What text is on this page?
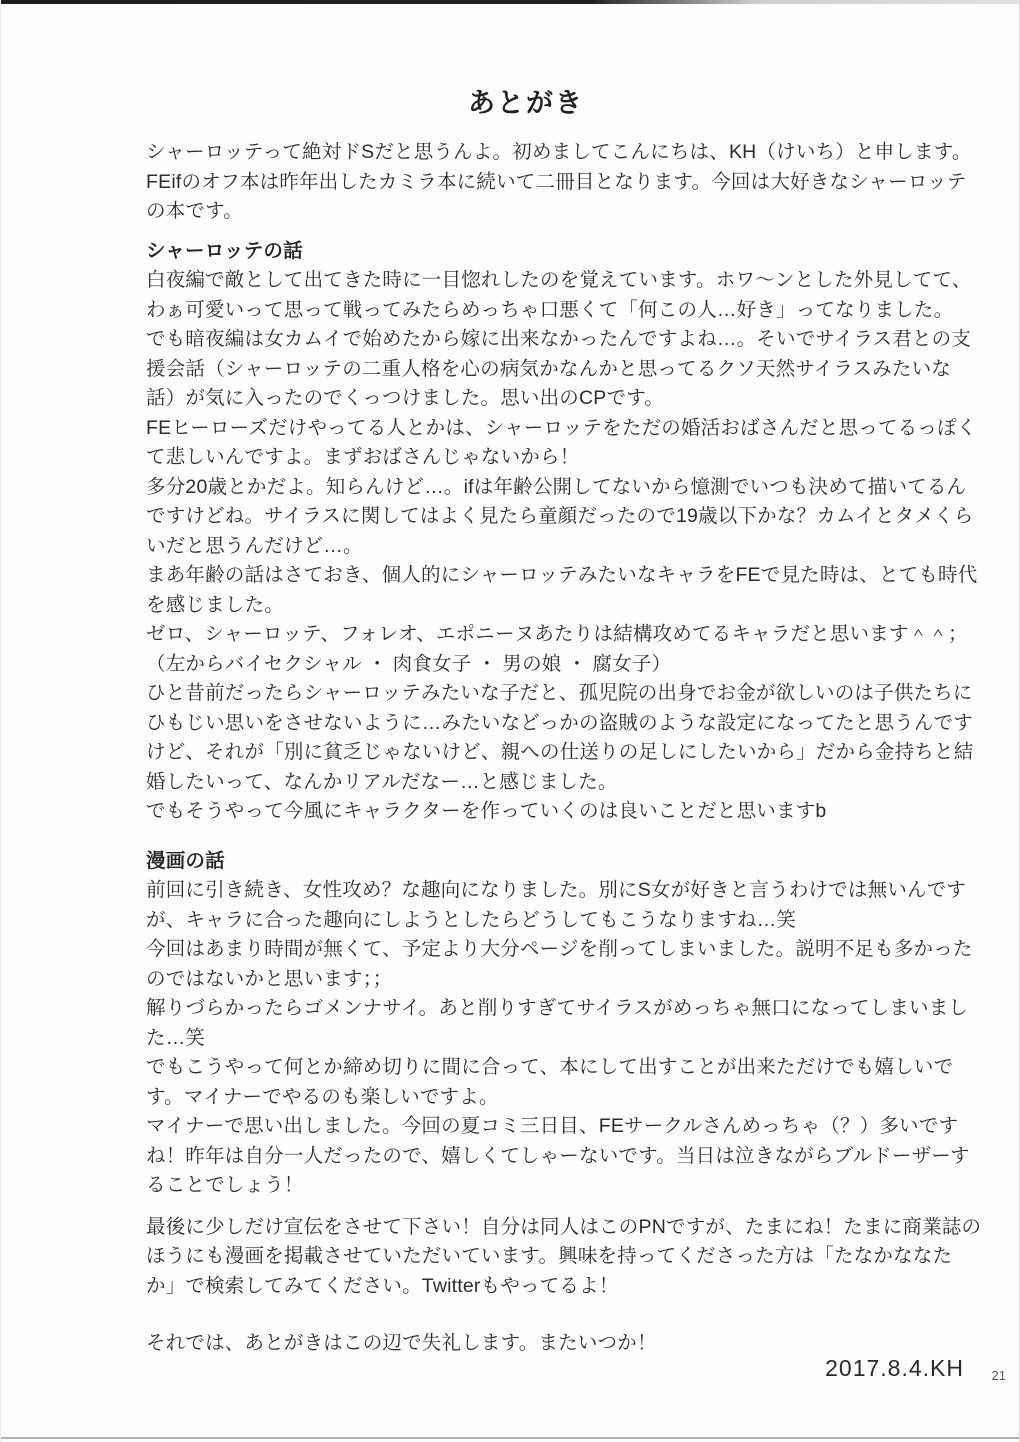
あとがき
シャーロッテって絶対ドSだと思うんよ。初めましてこんにちは、KH（けいち）と申します。
FEifのオフ本は昨年出したカミラ本に続いて二冊目となります。今回は大好きなシャーロッテ
の本です。
シャーロッテの話
白夜編で敵として出てきた時に一目惚れしたのを覚えています。ホワ〜ンとした外見してて、
わぁ可愛いって思って戦ってみたらめっちゃ口悪くて「何この人…好き」ってなりました。
でも暗夜編は女カムイで始めたから嫁に出来なかったんですよね…。そいでサイラス君との支
援会話（シャーロッテの二重人格を心の病気かなんかと思ってるクソ天然サイラスみたいな
話）が気に入ったのでくっつけました。思い出のCPです。
FEヒーローズだけやってる人とかは、シャーロッテをただの婚活おばさんだと思ってるっぽく
て悲しいんですよ。まずおばさんじゃないから！
多分20歳とかだよ。知らんけど…。ifは年齢公開してないから憶測でいつも決めて描いてるん
ですけどね。サイラスに関してはよく見たら童顔だったので19歳以下かな？カムイとタメくら
いだと思うんだけど…。
まあ年齢の話はさておき、個人的にシャーロッテみたいなキャラをFEで見た時は、とても時代
を感じました。
ゼロ、シャーロッテ、フォレオ、エポニーヌあたりは結構攻めてるキャラだと思います＾＾；
（左からバイセクシャル ・ 肉食女子 ・ 男の娘 ・ 腐女子）
ひと昔前だったらシャーロッテみたいな子だと、孤児院の出身でお金が欲しいのは子供たちに
ひもじい思いをさせないように…みたいなどっかの盗賊のような設定になってたと思うんです
けど、それが「別に貧乏じゃないけど、親への仕送りの足しにしたいから」だから金持ちと結
婚したいって、なんかリアルだなー…と感じました。
でもそうやって今風にキャラクターを作っていくのは良いことだと思いますb
漫画の話
前回に引き続き、女性攻め？な趣向になりました。別にS女が好きと言うわけでは無いんです
が、キャラに合った趣向にしようとしたらどうしてもこうなりますね…笑
今回はあまり時間が無くて、予定より大分ページを削ってしまいました。説明不足も多かった
のではないかと思います；；
解りづらかったらゴメンナサイ。あと削りすぎてサイラスがめっちゃ無口になってしまいまし
た…笑
でもこうやって何とか締め切りに間に合って、本にして出すことが出来ただけでも嬉しいで
す。マイナーでやるのも楽しいですよ。
マイナーで思い出しました。今回の夏コミ三日目、FEサークルさんめっちゃ（？）多いです
ね！昨年は自分一人だったので、嬉しくてしゃーないです。当日は泣きながらブルドーザーす
ることでしょう！
最後に少しだけ宣伝をさせて下さい！自分は同人はこのPNですが、たまにね！たまに商業誌の
ほうにも漫画を掲載させていただいています。興味を持ってくださった方は「たなかななた
か」で検索してみてください。Twitterもやってるよ！
それでは、あとがきはこの辺で失礼します。またいつか！
2017.8.4.KH 21
